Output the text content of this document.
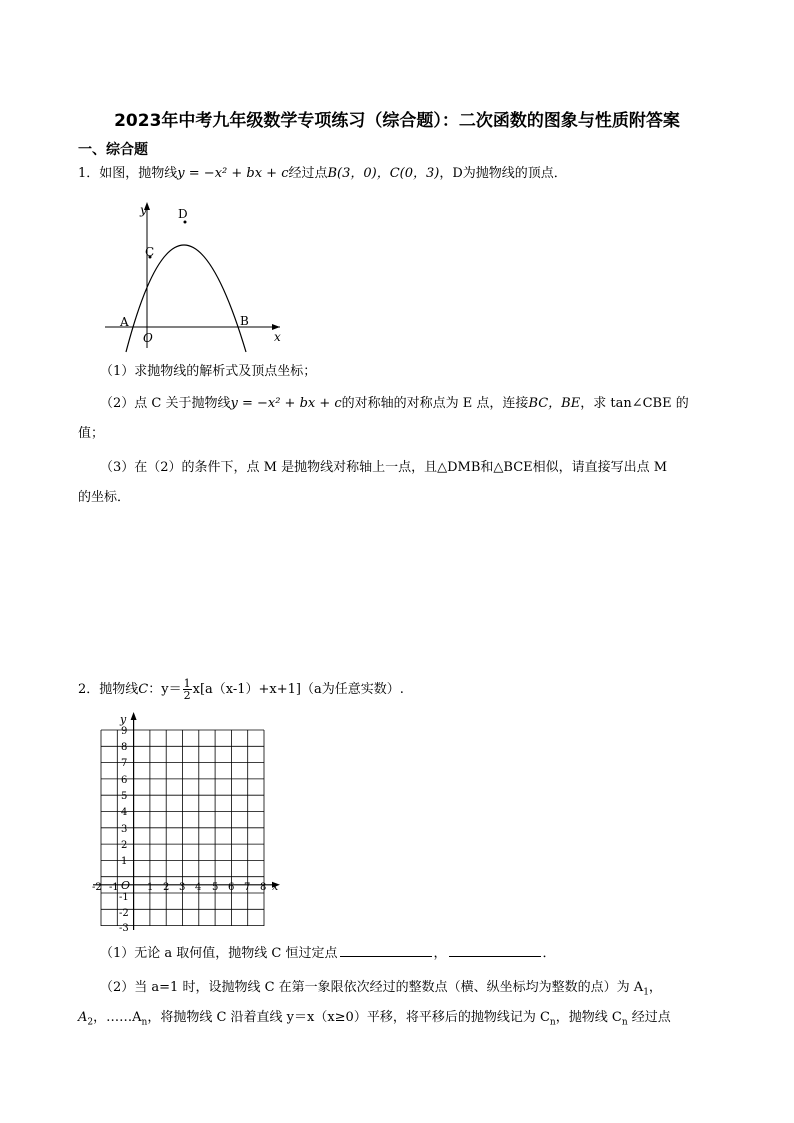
2023年中考九年级数学专项练习（综合题）：二次函数的图象与性质附答案
一、综合题
1．如图，抛物线y = −x² + bx + c经过点B(3，0)，C(0，3)，D为抛物线的顶点．
y
x
O
A	B
C
D
（1）求抛物线的解析式及顶点坐标；
（2）点 C 关于抛物线y = −x² + bx + c的对称轴的对称点为 E 点，连接BC，BE，求 tan∠CBE 的
值；
（3）在（2）的条件下，点 M 是抛物线对称轴上一点，且△DMB和△BCE相似，请直接写出点 M
的坐标．
2．抛物线C：$y= \frac{1}{2} x[a(x-1)+x+1](a$为任意实数）.
y
x
O
9
8
7
6
5
4
3
2
1
-1
-2
-3
-2 -1	1 2 3 4 5 6 7 8
（1）无论 a 取何值，抛物线 C 恒过定点	，	．
（2）当 a=1 时，设抛物线 C 在第一象限依次经过的整数点（横、纵坐标均为整数的点）为 $A_1$，
$A_2$，$\dots\dots A_n$，将抛物线 C 沿着直线 y＝x（x≥0）平移，将平移后的抛物线记为 $C_n$，抛物线 $C_n$ 经过点
